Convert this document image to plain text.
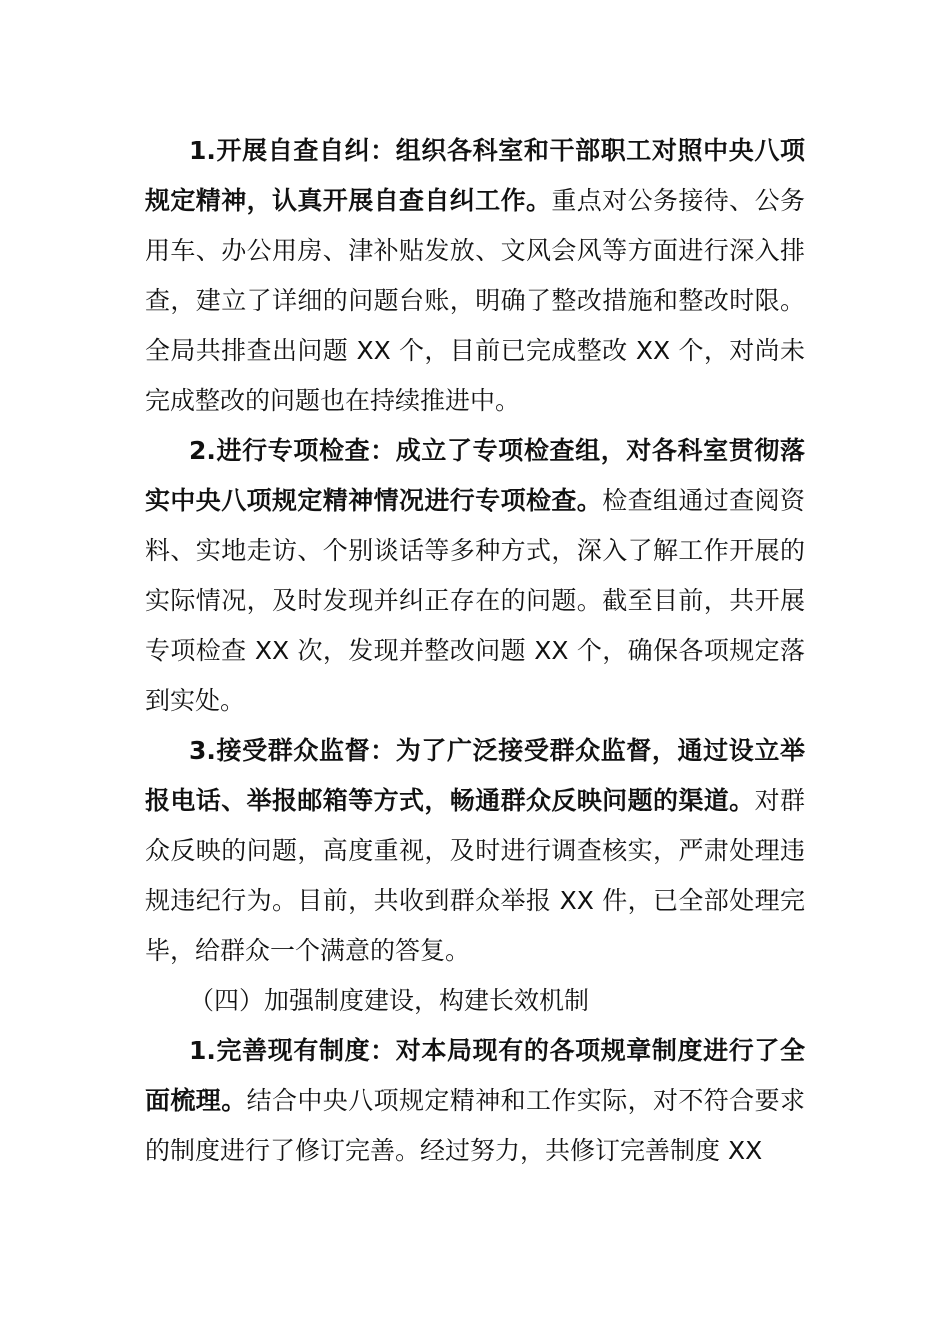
1.开展自查自纠：组织各科室和干部职工对照中央八项规定精神，认真开展自查自纠工作。重点对公务接待、公务用车、办公用房、津补贴发放、文风会风等方面进行深入排查，建立了详细的问题台账，明确了整改措施和整改时限。全局共排查出问题 XX 个，目前已完成整改 XX 个，对尚未完成整改的问题也在持续推进中。

2.进行专项检查：成立了专项检查组，对各科室贯彻落实中央八项规定精神情况进行专项检查。检查组通过查阅资料、实地走访、个别谈话等多种方式，深入了解工作开展的实际情况，及时发现并纠正存在的问题。截至目前，共开展专项检查 XX 次，发现并整改问题 XX 个，确保各项规定落到实处。

3.接受群众监督：为了广泛接受群众监督，通过设立举报电话、举报邮箱等方式，畅通群众反映问题的渠道。对群众反映的问题，高度重视，及时进行调查核实，严肃处理违规违纪行为。目前，共收到群众举报 XX 件，已全部处理完毕，给群众一个满意的答复。

（四）加强制度建设，构建长效机制

1.完善现有制度：对本局现有的各项规章制度进行了全面梳理。结合中央八项规定精神和工作实际，对不符合要求的制度进行了修订完善。经过努力，共修订完善制度 XX
